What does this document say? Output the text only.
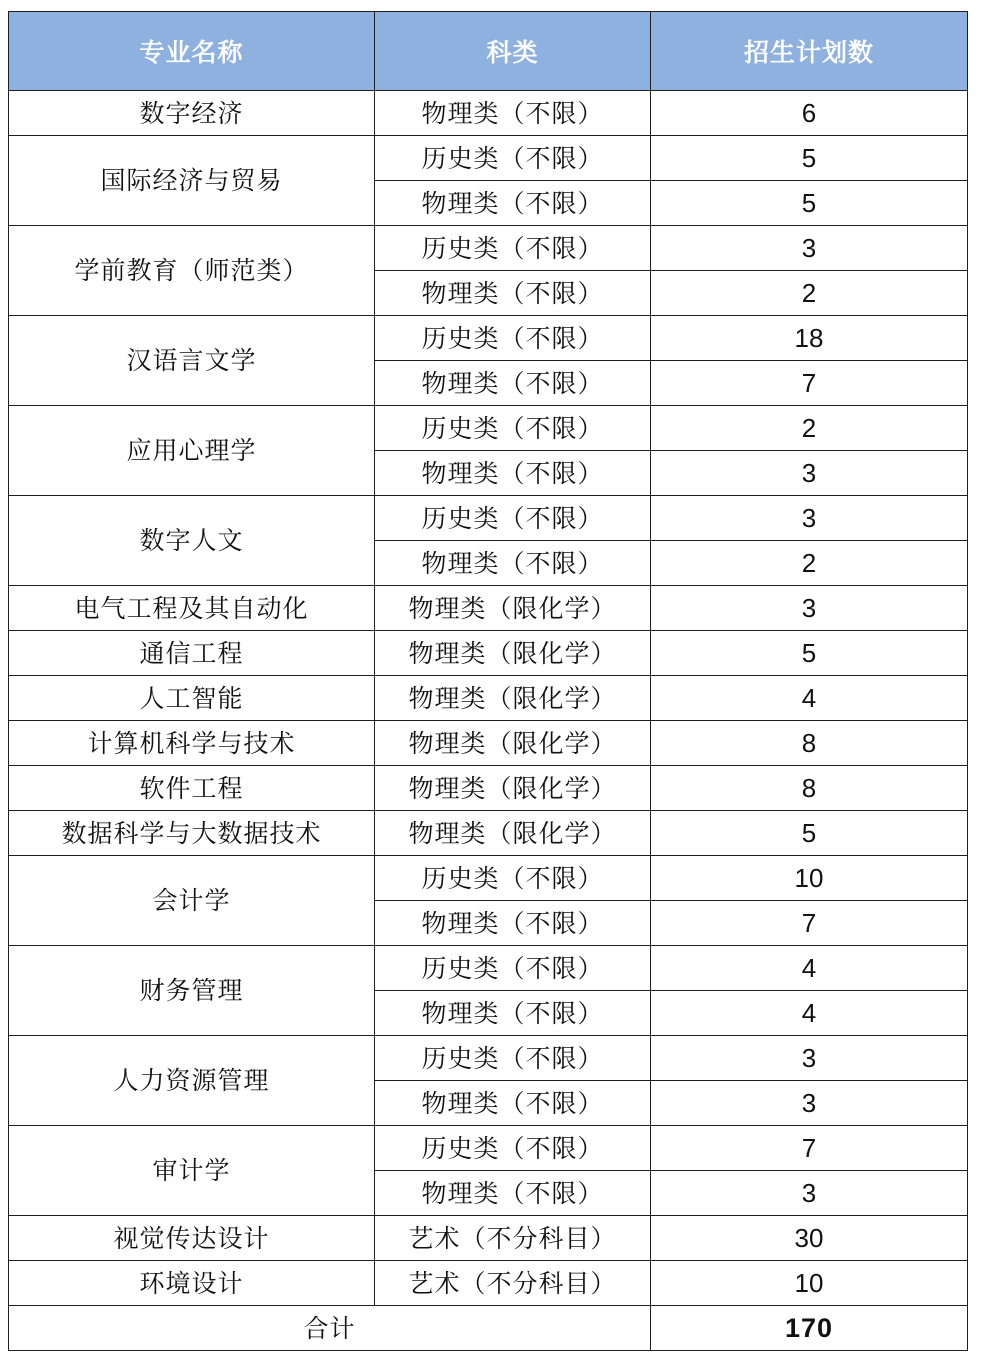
专业名称	科类	招生计划数
数字经济	物理类（不限）	6
国际经济与贸易	历史类（不限）	5
	物理类（不限）	5
学前教育（师范类）	历史类（不限）	3
	物理类（不限）	2
汉语言文学	历史类（不限）	18
	物理类（不限）	7
应用心理学	历史类（不限）	2
	物理类（不限）	3
数字人文	历史类（不限）	3
	物理类（不限）	2
电气工程及其自动化	物理类（限化学）	3
通信工程	物理类（限化学）	5
人工智能	物理类（限化学）	4
计算机科学与技术	物理类（限化学）	8
软件工程	物理类（限化学）	8
数据科学与大数据技术	物理类（限化学）	5
会计学	历史类（不限）	10
	物理类（不限）	7
财务管理	历史类（不限）	4
	物理类（不限）	4
人力资源管理	历史类（不限）	3
	物理类（不限）	3
审计学	历史类（不限）	7
	物理类（不限）	3
视觉传达设计	艺术（不分科目）	30
环境设计	艺术（不分科目）	10
合计		170
